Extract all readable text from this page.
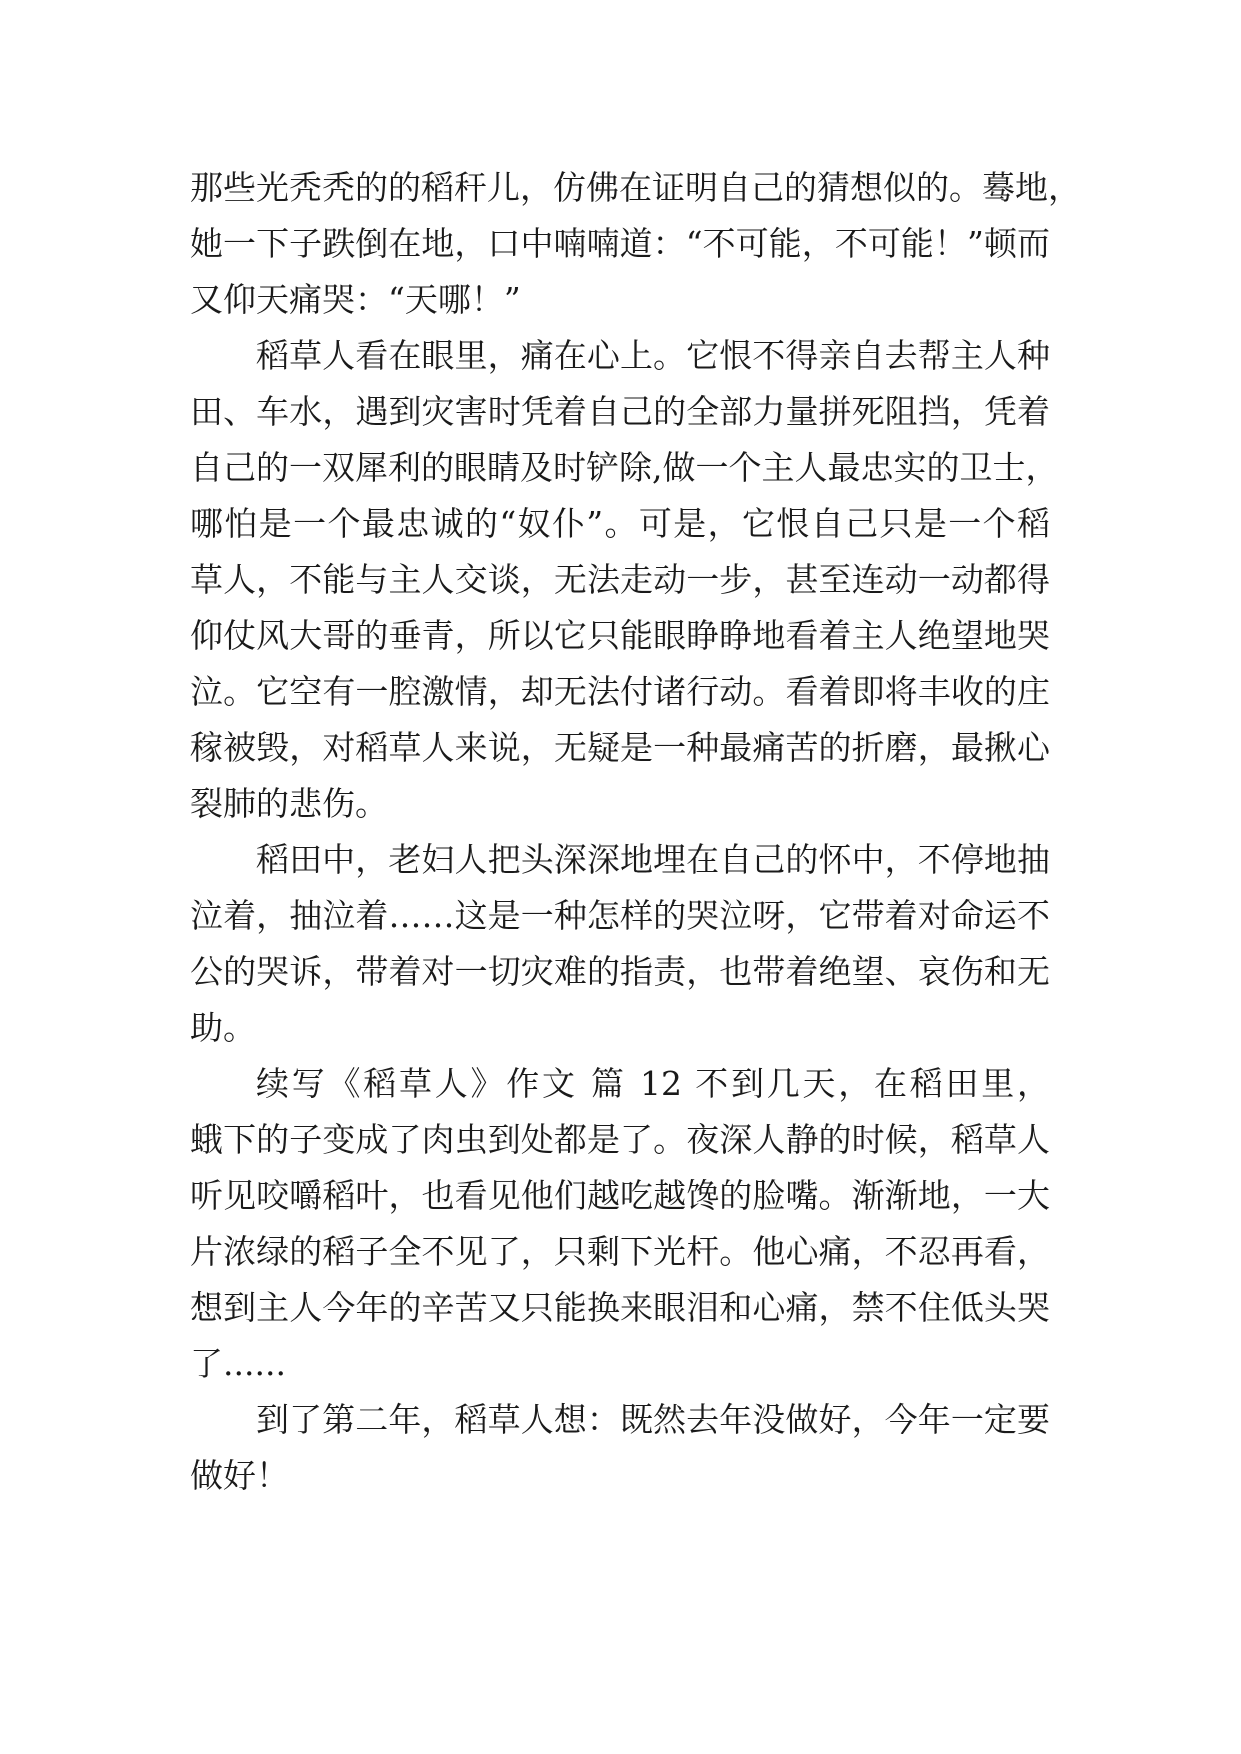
那些光秃秃的的稻秆儿，仿佛在证明自己的猜想似的。蓦地，
她一下子跌倒在地，口中喃喃道：“不可能，不可能！”顿而
又仰天痛哭：“天哪！”
稻草人看在眼里，痛在心上。它恨不得亲自去帮主人种
田、车水，遇到灾害时凭着自己的全部力量拼死阻挡，凭着
自己的一双犀利的眼睛及时铲除,做一个主人最忠实的卫士，
哪怕是一个最忠诚的“奴仆”。可是，它恨自己只是一个稻
草人，不能与主人交谈，无法走动一步，甚至连动一动都得
仰仗风大哥的垂青，所以它只能眼睁睁地看着主人绝望地哭
泣。它空有一腔激情，却无法付诸行动。看着即将丰收的庄
稼被毁，对稻草人来说，无疑是一种最痛苦的折磨，最揪心
裂肺的悲伤。
稻田中，老妇人把头深深地埋在自己的怀中，不停地抽
泣着，抽泣着……这是一种怎样的哭泣呀，它带着对命运不
公的哭诉，带着对一切灾难的指责，也带着绝望、哀伤和无
助。
续写《稻草人》作文 篇 12 不到几天，在稻田里，
蛾下的子变成了肉虫到处都是了。夜深人静的时候，稻草人
听见咬嚼稻叶，也看见他们越吃越馋的脸嘴。渐渐地，一大
片浓绿的稻子全不见了，只剩下光杆。他心痛，不忍再看，
想到主人今年的辛苦又只能换来眼泪和心痛，禁不住低头哭
了......
到了第二年，稻草人想：既然去年没做好，今年一定要
做好！
